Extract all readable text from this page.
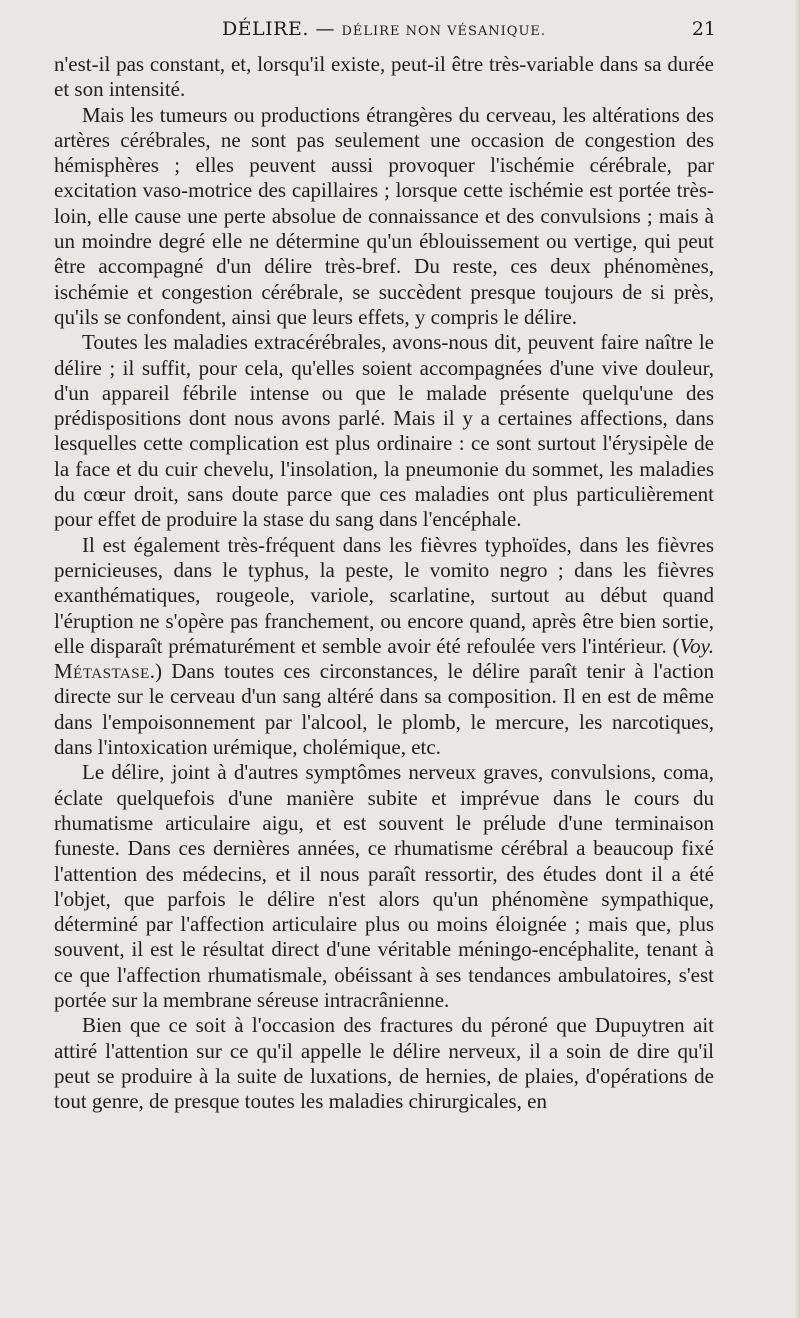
DÉLIRE. — DÉLIRE NON VÉSANIQUE.	21

n'est-il pas constant, et, lorsqu'il existe, peut-il être très-variable dans sa durée et son intensité.

Mais les tumeurs ou productions étrangères du cerveau, les altérations des artères cérébrales, ne sont pas seulement une occasion de congestion des hémisphères ; elles peuvent aussi provoquer l'ischémie cérébrale, par excitation vaso-motrice des capillaires ; lorsque cette ischémie est portée très-loin, elle cause une perte absolue de connaissance et des convulsions ; mais à un moindre degré elle ne détermine qu'un éblouissement ou vertige, qui peut être accompagné d'un délire très-bref. Du reste, ces deux phénomènes, ischémie et congestion cérébrale, se succèdent presque toujours de si près, qu'ils se confondent, ainsi que leurs effets, y compris le délire.

Toutes les maladies extracérébrales, avons-nous dit, peuvent faire naître le délire ; il suffit, pour cela, qu'elles soient accompagnées d'une vive douleur, d'un appareil fébrile intense ou que le malade présente quelqu'une des prédispositions dont nous avons parlé. Mais il y a certaines affections, dans lesquelles cette complication est plus ordinaire : ce sont surtout l'érysipèle de la face et du cuir chevelu, l'insolation, la pneumonie du sommet, les maladies du cœur droit, sans doute parce que ces maladies ont plus particulièrement pour effet de produire la stase du sang dans l'encéphale.

Il est également très-fréquent dans les fièvres typhoïdes, dans les fièvres pernicieuses, dans le typhus, la peste, le vomito negro ; dans les fièvres exanthématiques, rougeole, variole, scarlatine, surtout au début quand l'éruption ne s'opère pas franchement, ou encore quand, après être bien sortie, elle disparaît prématurément et semble avoir été refoulée vers l'intérieur. (Voy. Métastase.) Dans toutes ces circonstances, le délire paraît tenir à l'action directe sur le cerveau d'un sang altéré dans sa composition. Il en est de même dans l'empoisonnement par l'alcool, le plomb, le mercure, les narcotiques, dans l'intoxication urémique, cholémique, etc.

Le délire, joint à d'autres symptômes nerveux graves, convulsions, coma, éclate quelquefois d'une manière subite et imprévue dans le cours du rhumatisme articulaire aigu, et est souvent le prélude d'une terminaison funeste. Dans ces dernières années, ce rhumatisme cérébral a beaucoup fixé l'attention des médecins, et il nous paraît ressortir, des études dont il a été l'objet, que parfois le délire n'est alors qu'un phénomène sympathique, déterminé par l'affection articulaire plus ou moins éloignée ; mais que, plus souvent, il est le résultat direct d'une véritable méningo-encéphalite, tenant à ce que l'affection rhumatismale, obéissant à ses tendances ambulatoires, s'est portée sur la membrane séreuse intracrânienne.

Bien que ce soit à l'occasion des fractures du péroné que Dupuytren ait attiré l'attention sur ce qu'il appelle le délire nerveux, il a soin de dire qu'il peut se produire à la suite de luxations, de hernies, de plaies, d'opérations de tout genre, de presque toutes les maladies chirurgicales, en
